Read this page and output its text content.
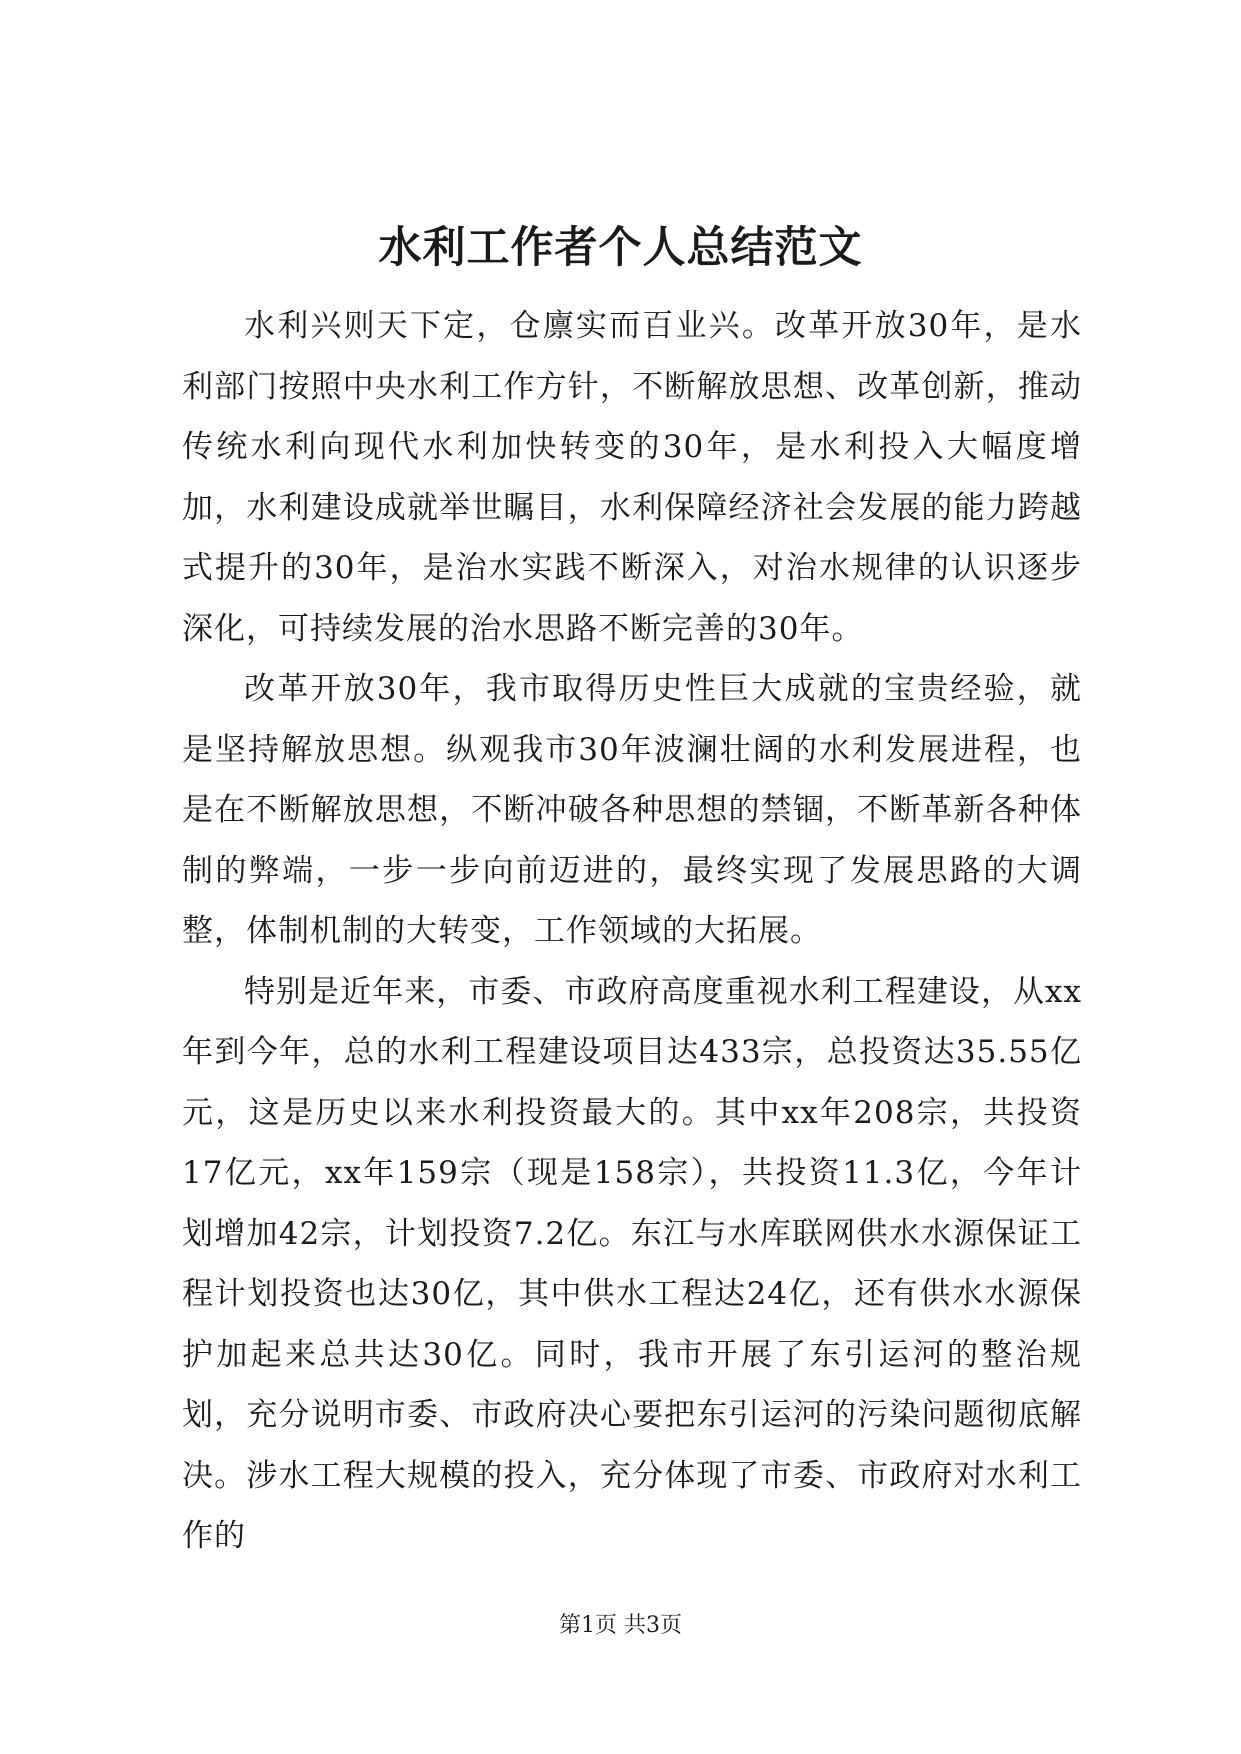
水利工作者个人总结范文

水利兴则天下定，仓廪实而百业兴。改革开放30年，是水利部门按照中央水利工作方针，不断解放思想、改革创新，推动传统水利向现代水利加快转变的30年，是水利投入大幅度增加，水利建设成就举世瞩目，水利保障经济社会发展的能力跨越式提升的30年，是治水实践不断深入，对治水规律的认识逐步深化，可持续发展的治水思路不断完善的30年。

改革开放30年，我市取得历史性巨大成就的宝贵经验，就是坚持解放思想。纵观我市30年波澜壮阔的水利发展进程，也是在不断解放思想，不断冲破各种思想的禁锢，不断革新各种体制的弊端，一步一步向前迈进的，最终实现了发展思路的大调整，体制机制的大转变，工作领域的大拓展。

特别是近年来，市委、市政府高度重视水利工程建设，从xx年到今年，总的水利工程建设项目达433宗，总投资达35.55亿元，这是历史以来水利投资最大的。其中xx年208宗，共投资17亿元，xx年159宗（现是158宗），共投资11.3亿，今年计划增加42宗，计划投资7.2亿。东江与水库联网供水水源保证工程计划投资也达30亿，其中供水工程达24亿，还有供水水源保护加起来总共达30亿。同时，我市开展了东引运河的整治规划，充分说明市委、市政府决心要把东引运河的污染问题彻底解决。涉水工程大规模的投入，充分体现了市委、市政府对水利工作的

第1页 共3页
